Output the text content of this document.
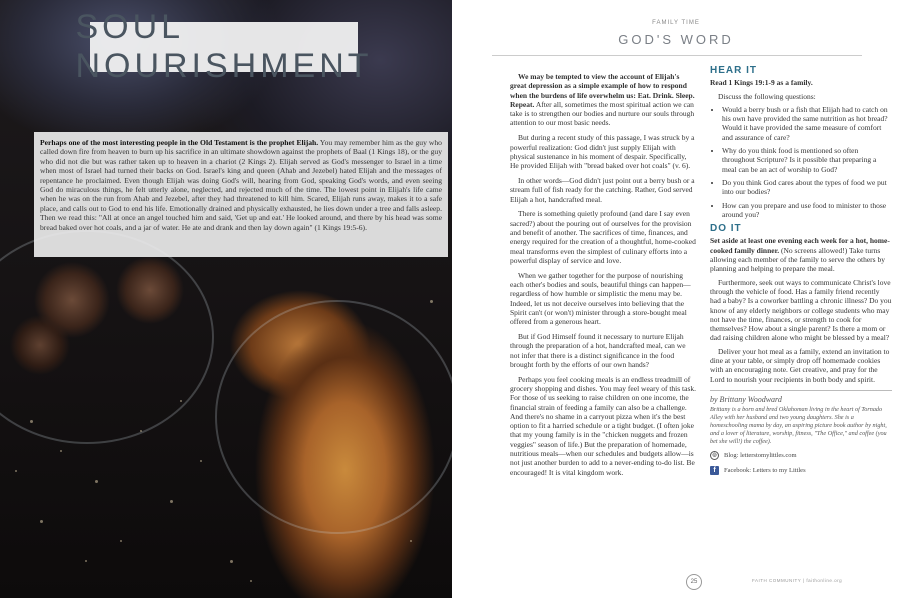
SOUL NOURISHMENT
Perhaps one of the most interesting people in the Old Testament is the prophet Elijah. You may remember him as the guy who called down fire from heaven to burn up his sacrifice in an ultimate showdown against the prophets of Baal (1 Kings 18), or the guy who did not die but was rather taken up to heaven in a chariot (2 Kings 2). Elijah served as God's messenger to Israel in a time when most of Israel had turned their backs on God. Israel's king and queen (Ahab and Jezebel) hated Elijah and the messages of repentance he proclaimed. Even though Elijah was doing God's will, hearing from God, speaking God's words, and even seeing God do miraculous things, he felt utterly alone, neglected, and rejected much of the time. The lowest point in Elijah's life came when he was on the run from Ahab and Jezebel, after they had threatened to kill him. Scared, Elijah runs away, makes it to a safe place, and calls out to God to end his life. Emotionally drained and physically exhausted, he lies down under a tree and falls asleep. Then we read this: "All at once an angel touched him and said, 'Get up and eat.' He looked around, and there by his head was some bread baked over hot coals, and a jar of water. He ate and drank and then lay down again" (1 Kings 19:5-6).
FAMILY TIME
GOD'S WORD

We may be tempted to view the account of Elijah's great depression as a simple example of how to respond when the burdens of life overwhelm us: Eat. Drink. Sleep. Repeat. After all, sometimes the most spiritual action we can take is to strengthen our bodies and nurture our souls through attention to our most basic needs.

But during a recent study of this passage, I was struck by a powerful realization: God didn't just supply Elijah with physical sustenance in his moment of despair. Specifically, He provided Elijah with "bread baked over hot coals" (v. 6).

In other words—God didn't just point out a berry bush or a stream full of fish ready for the catching. Rather, God served Elijah a hot, handcrafted meal.

There is something quietly profound (and dare I say even sacred?) about the pouring out of ourselves for the provision and benefit of another. The sacrifices of time, finances, and energy required for the creation of a thoughtful, home-cooked meal transforms even the simplest of culinary efforts into a powerful display of service and love.

When we gather together for the purpose of nourishing each other's bodies and souls, beautiful things can happen—regardless of how humble or simplistic the menu may be. Indeed, let us not deceive ourselves into believing that the Spirit can't (or won't) minister through a store-bought meal offered from a generous heart.

But if God Himself found it necessary to nurture Elijah through the preparation of a hot, handcrafted meal, can we not infer that there is a distinct significance in the food brought forth by the efforts of our own hands?

Perhaps you feel cooking meals is an endless treadmill of grocery shopping and dishes. You may feel weary of this task. For those of us seeking to raise children on one income, the financial strain of feeding a family can also be a challenge. And there's no shame in a carryout pizza when it's the best option to fit a harried schedule or a tight budget. (I often joke that my young family is in the "chicken nuggets and frozen veggies" season of life.) But the preparation of homemade, nutritious meals—when our schedules and budgets allow—is not just another burden to add to a never-ending to-do list. Be encouraged! It is vital kingdom work.

HEAR IT

Read 1 Kings 19:1-9 as a family.

Discuss the following questions:

• Would a berry bush or a fish that Elijah had to catch on his own have provided the same nutrition as hot bread? Would it have provided the same measure of comfort and assurance of care?
• Why do you think food is mentioned so often throughout Scripture? Is it possible that preparing a meal can be an act of worship to God?
• Do you think God cares about the types of food we put into our bodies?
• How can you prepare and use food to minister to those around you?
DO IT

Set aside at least one evening each week for a hot, home-cooked family dinner. (No screens allowed!) Take turns allowing each member of the family to serve the others by planning and helping to prepare the meal.

Furthermore, seek out ways to communicate Christ's love through the vehicle of food. Has a family friend recently had a baby? Is a coworker battling a chronic illness? Do you know of any elderly neighbors or college students who may not have the time, finances, or strength to cook for themselves? How about a single parent? Is there a mom or dad raising children alone who might be blessed by a meal?

Deliver your hot meal as a family, extend an invitation to dine at your table, or simply drop off homemade cookies with an encouraging note. Get creative, and pray for the Lord to nourish your recipients in both body and spirit.

by Brittany Woodward
Brittany is a born and bred Oklahoman living in the heart of Tornado Alley with her husband and two young daughters. She is a homeschooling mama by day, an aspiring picture book author by night, and a lover of literature, worship, fitness, "The Office," and coffee (you bet she will!) the coffee).
◎	Blog: letterstomylittles.com
f	Facebook: Letters to my Littles
25	FAITH COMMUNITY | faithonline.org
